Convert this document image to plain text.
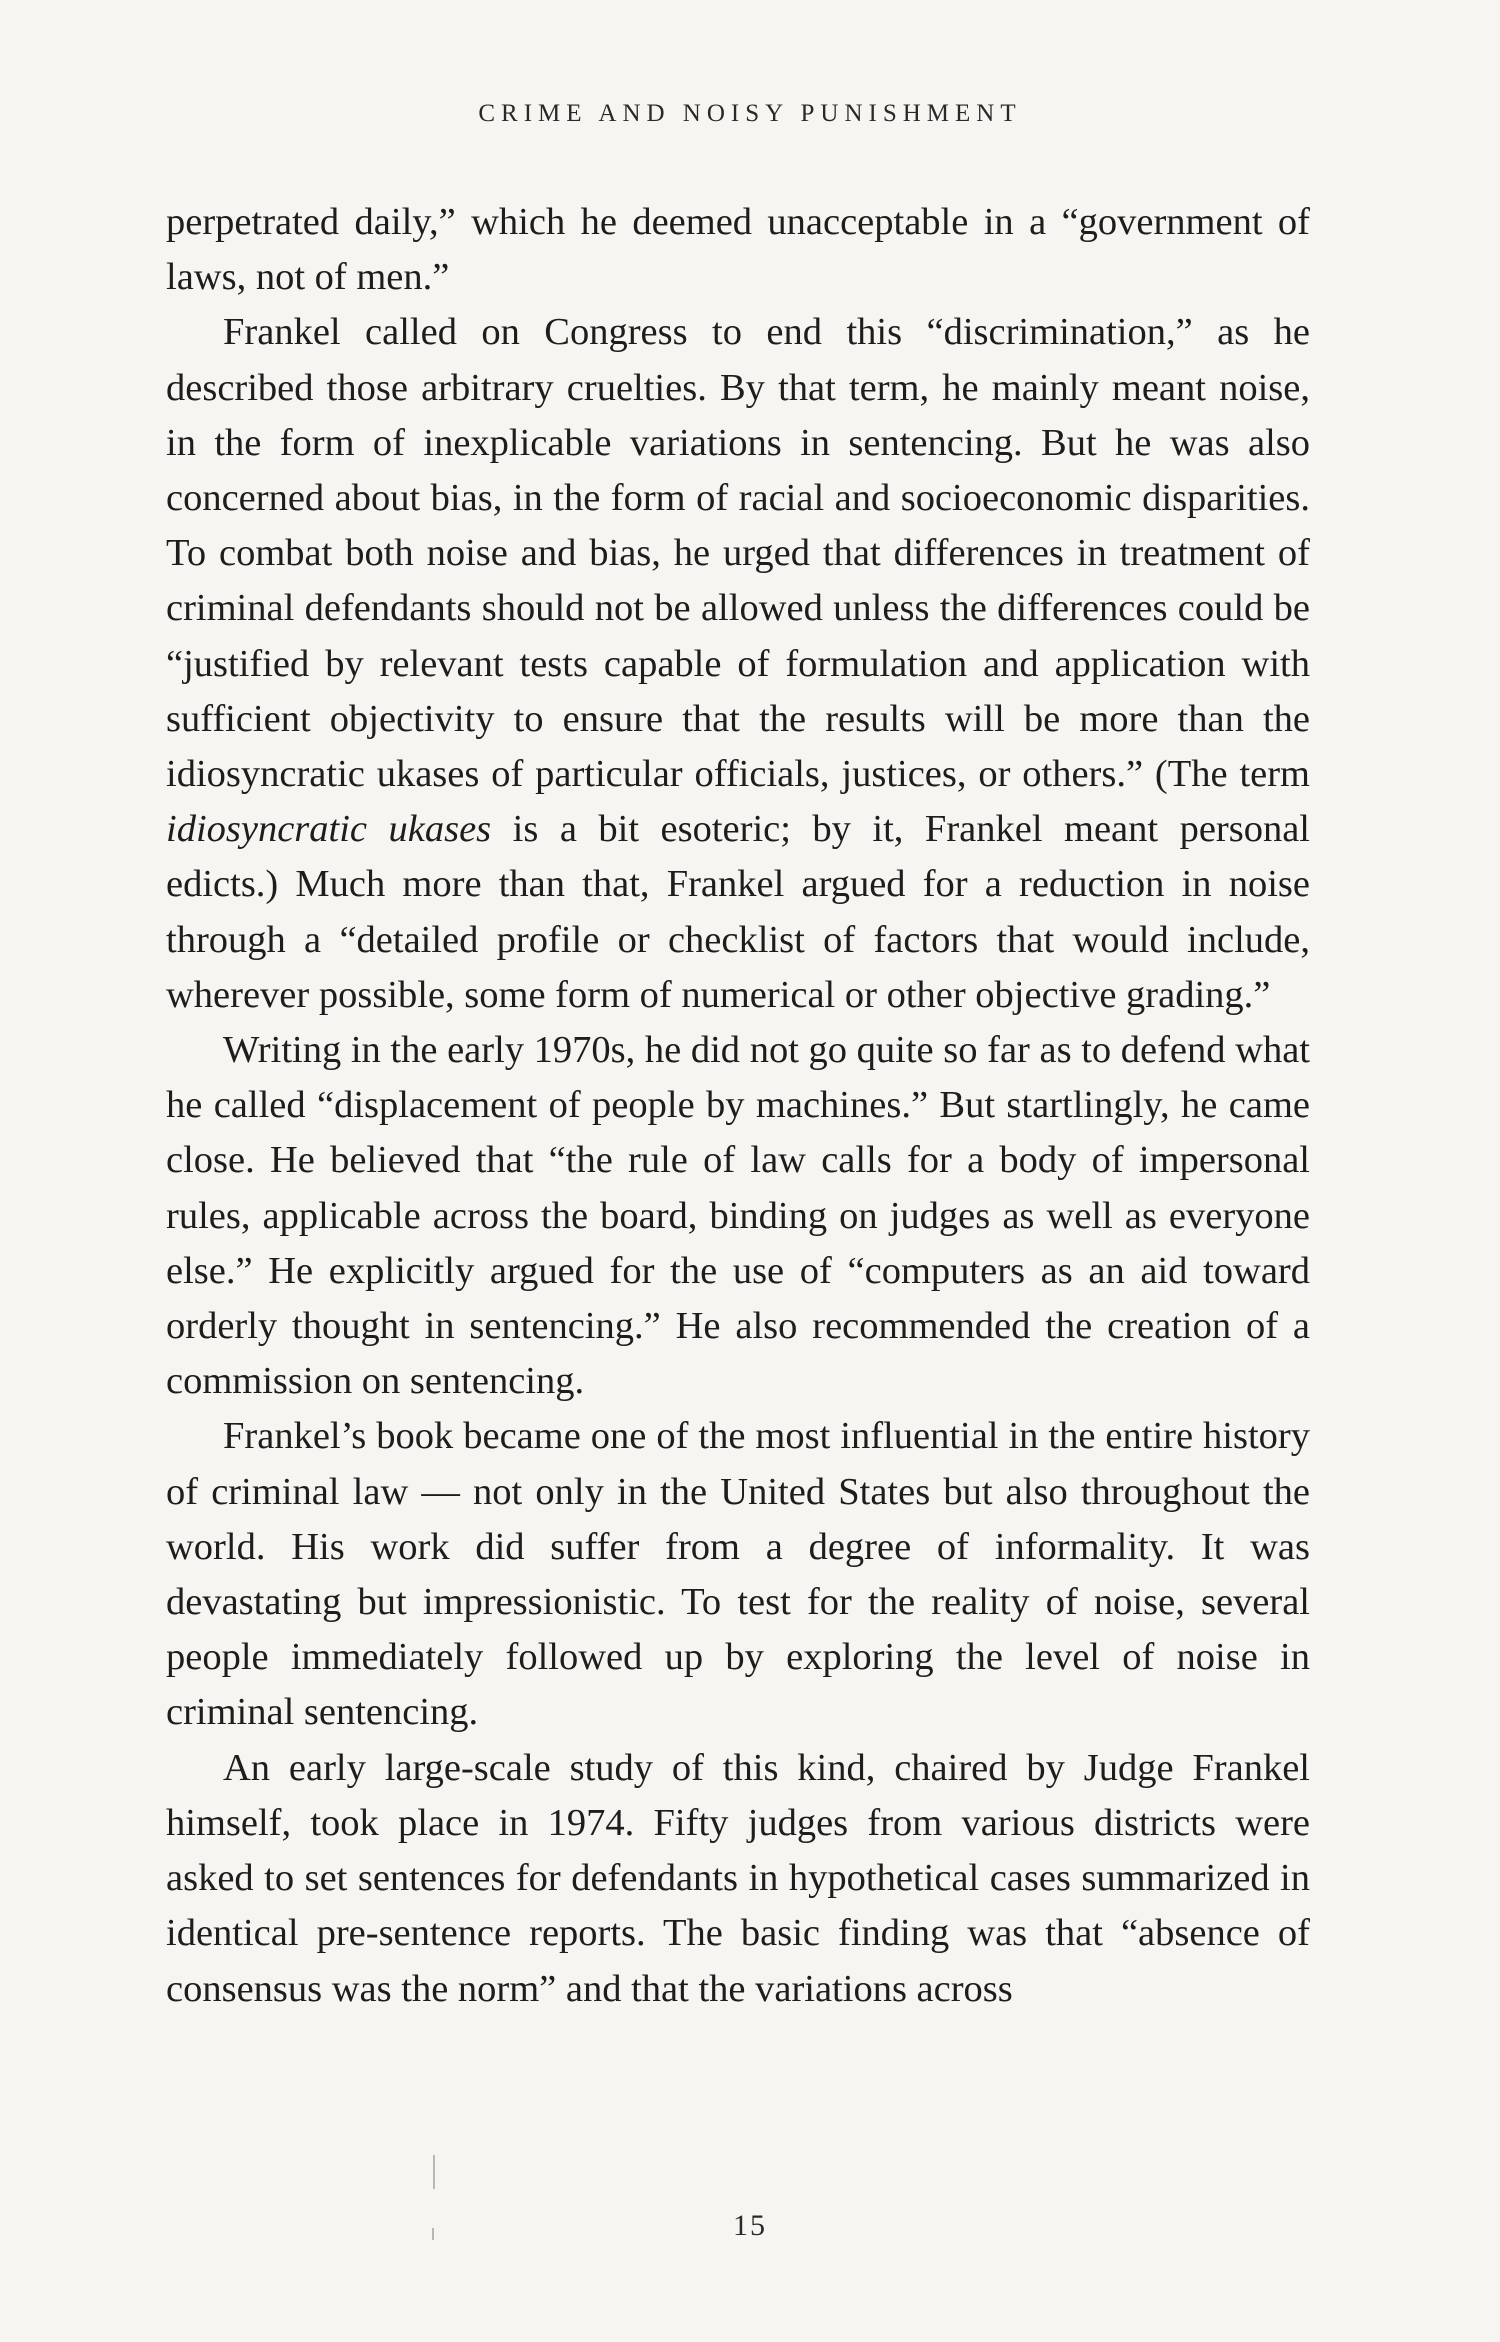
CRIME AND NOISY PUNISHMENT

perpetrated daily,” which he deemed unacceptable in a “government of laws, not of men.”

Frankel called on Congress to end this “discrimination,” as he described those arbitrary cruelties. By that term, he mainly meant noise, in the form of inexplicable variations in sentencing. But he was also concerned about bias, in the form of racial and socioeconomic disparities. To combat both noise and bias, he urged that differences in treatment of criminal defendants should not be allowed unless the differences could be “justified by relevant tests capable of formulation and application with sufficient objectivity to ensure that the results will be more than the idiosyncratic ukases of particular officials, justices, or others.” (The term idiosyncratic ukases is a bit esoteric; by it, Frankel meant personal edicts.) Much more than that, Frankel argued for a reduction in noise through a “detailed profile or checklist of factors that would include, wherever possible, some form of numerical or other objective grading.”

Writing in the early 1970s, he did not go quite so far as to defend what he called “displacement of people by machines.” But startlingly, he came close. He believed that “the rule of law calls for a body of impersonal rules, applicable across the board, binding on judges as well as everyone else.” He explicitly argued for the use of “computers as an aid toward orderly thought in sentencing.” He also recommended the creation of a commission on sentencing.

Frankel’s book became one of the most influential in the entire history of criminal law — not only in the United States but also throughout the world. His work did suffer from a degree of informality. It was devastating but impressionistic. To test for the reality of noise, several people immediately followed up by exploring the level of noise in criminal sentencing.

An early large-scale study of this kind, chaired by Judge Frankel himself, took place in 1974. Fifty judges from various districts were asked to set sentences for defendants in hypothetical cases summarized in identical pre-sentence reports. The basic finding was that “absence of consensus was the norm” and that the variations across

15
